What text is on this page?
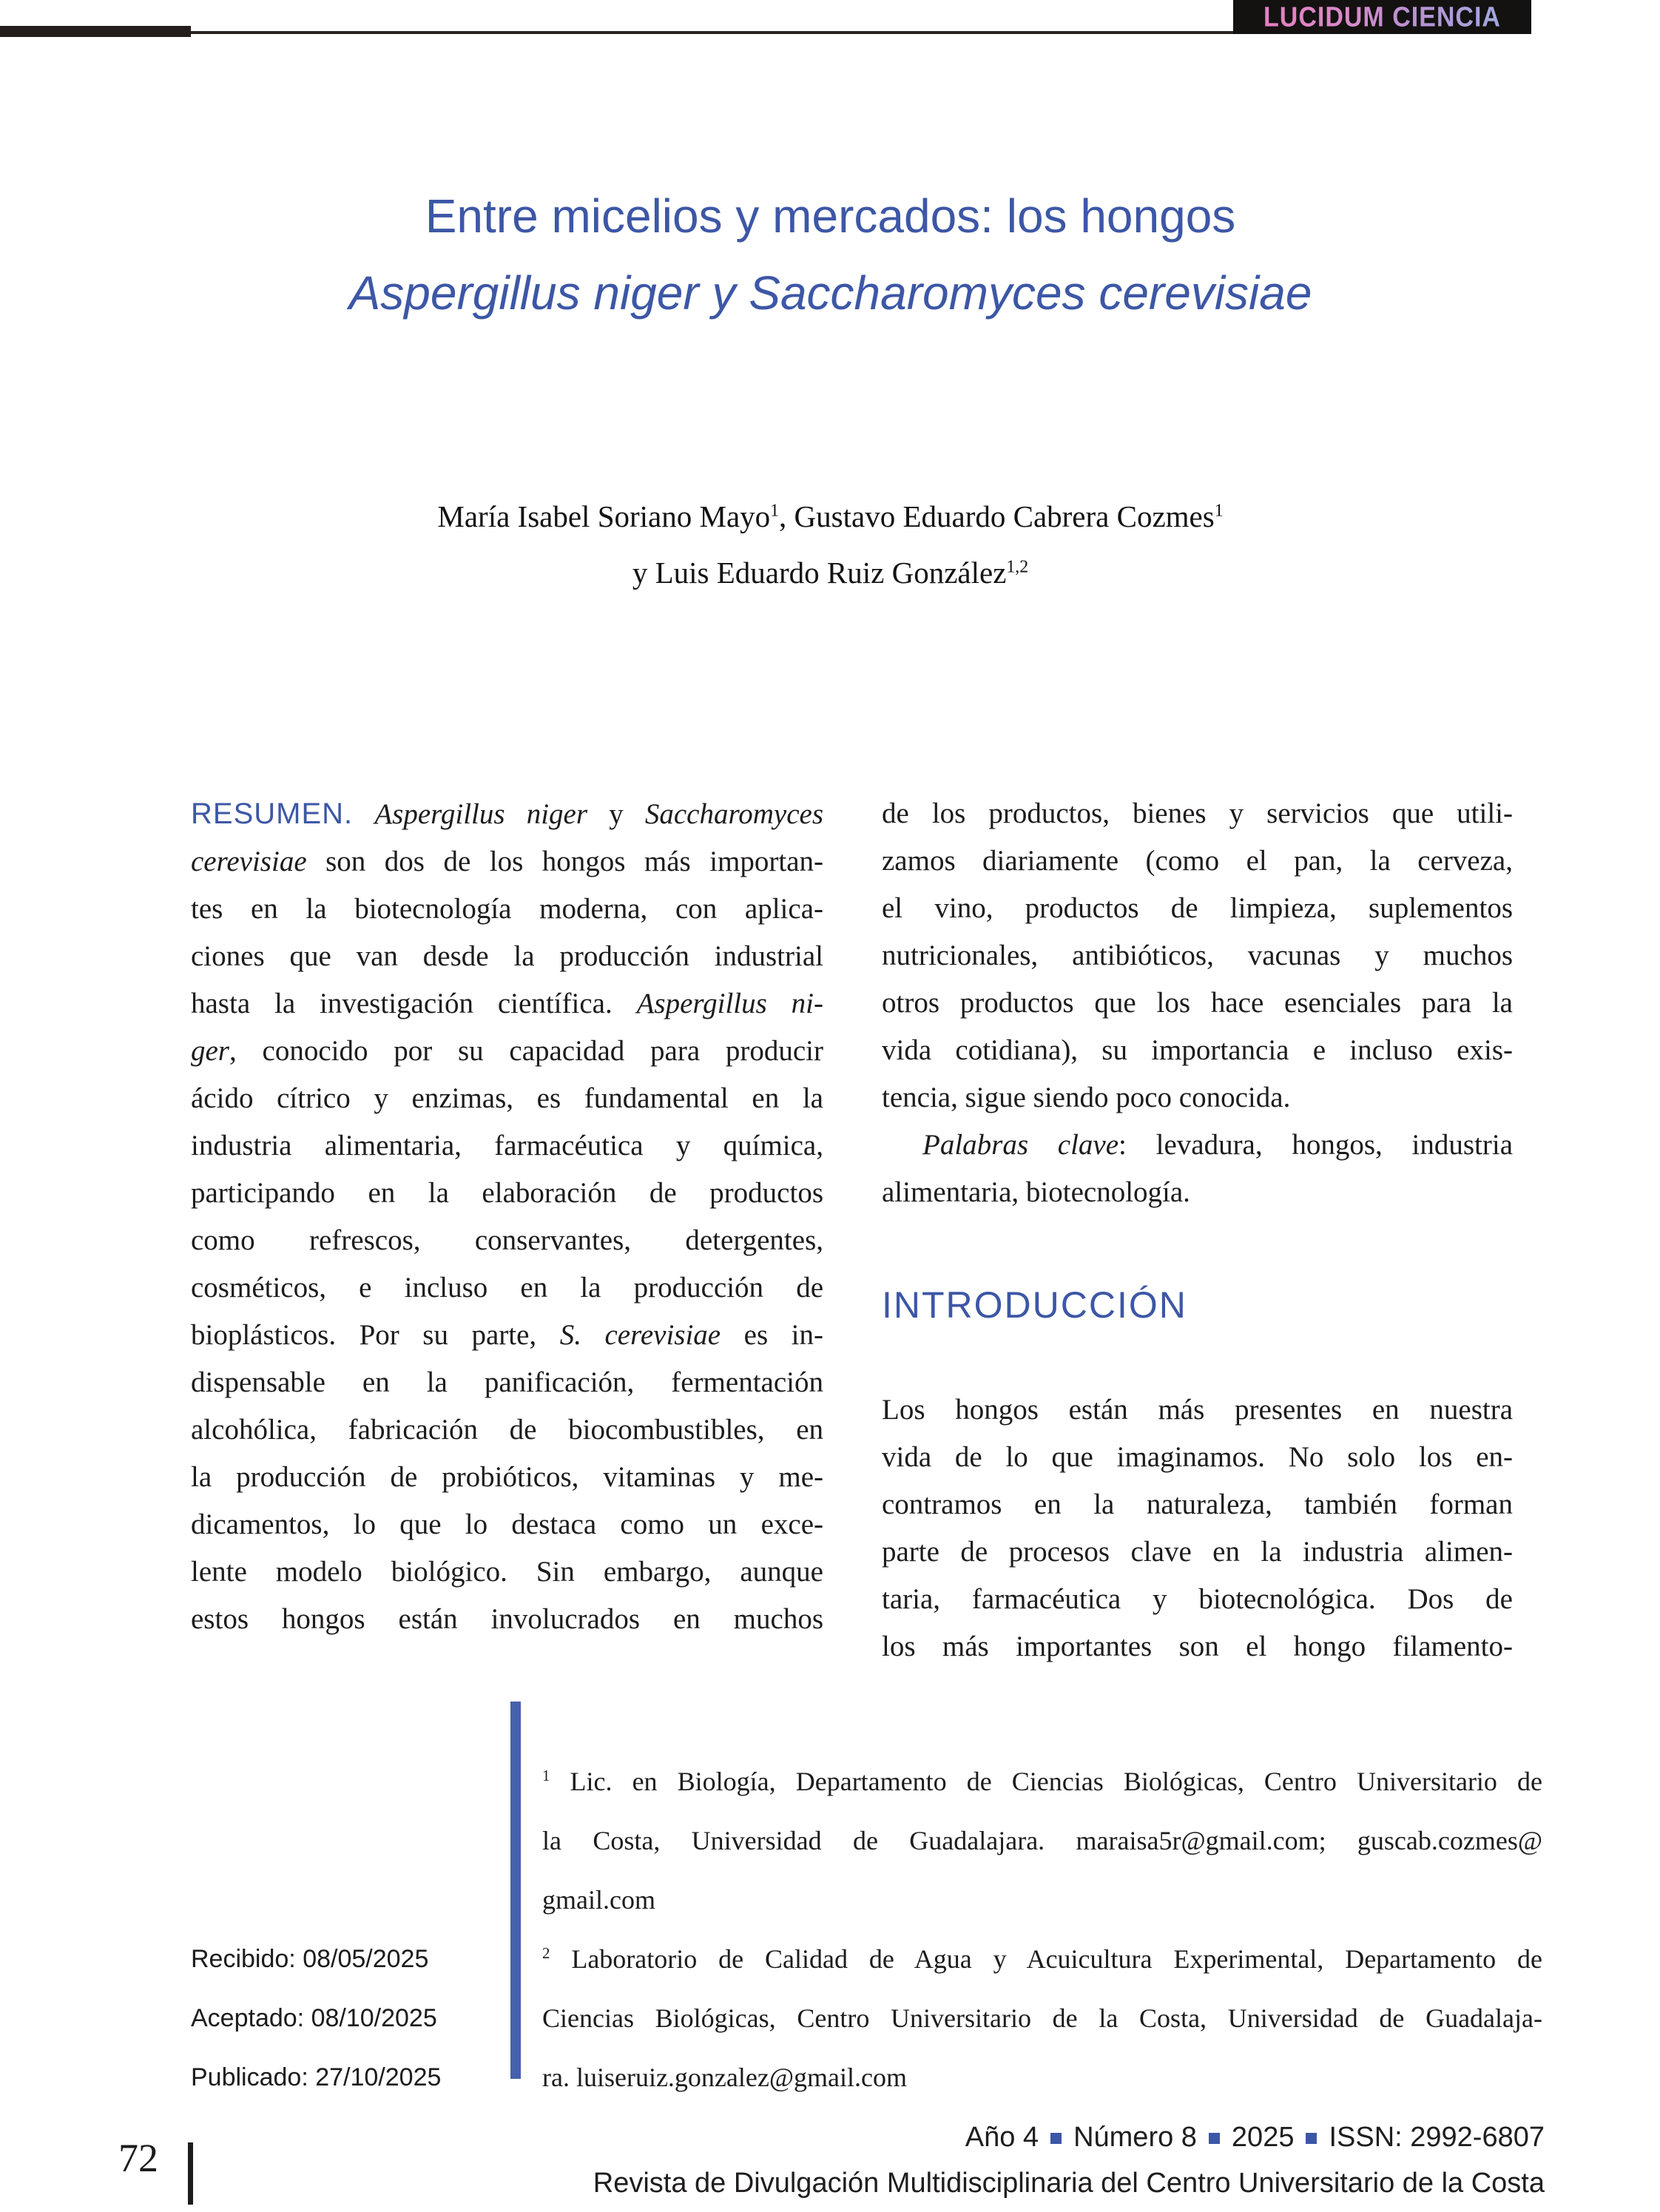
LUCIDUM CIENCIA
Entre micelios y mercados: los hongos
Aspergillus niger y Saccharomyces cerevisiae
María Isabel Soriano Mayo$^1$, Gustavo Eduardo Cabrera Cozmes$^1$
y Luis Eduardo Ruiz González$^{1,2}$
RESUMEN. Aspergillus niger y Saccharomyces
cerevisiae son dos de los hongos más importan-
tes en la biotecnología moderna, con aplica-
ciones que van desde la producción industrial
hasta la investigación científica. Aspergillus ni-
ger, conocido por su capacidad para producir
ácido cítrico y enzimas, es fundamental en la
industria alimentaria, farmacéutica y química,
participando en la elaboración de productos
como refrescos, conservantes, detergentes,
cosméticos, e incluso en la producción de
bioplásticos. Por su parte, S. cerevisiae es in-
dispensable en la panificación, fermentación
alcohólica, fabricación de biocombustibles, en
la producción de probióticos, vitaminas y me-
dicamentos, lo que lo destaca como un exce-
lente modelo biológico. Sin embargo, aunque
estos hongos están involucrados en muchos
de los productos, bienes y servicios que utili-
zamos diariamente (como el pan, la cerveza,
el vino, productos de limpieza, suplementos
nutricionales, antibióticos, vacunas y muchos
otros productos que los hace esenciales para la
vida cotidiana), su importancia e incluso exis-
tencia, sigue siendo poco conocida.
Palabras clave: levadura, hongos, industria
alimentaria, biotecnología.
INTRODUCCIÓN
Los hongos están más presentes en nuestra
vida de lo que imaginamos. No solo los en-
contramos en la naturaleza, también forman
parte de procesos clave en la industria alimen-
taria, farmacéutica y biotecnológica. Dos de
los más importantes son el hongo filamento-
$^1$ Lic. en Biología, Departamento de Ciencias Biológicas, Centro Universitario de
la Costa, Universidad de Guadalajara. maraisa5r@gmail.com; guscab.cozmes@
gmail.com
$^2$ Laboratorio de Calidad de Agua y Acuicultura Experimental, Departamento de
Ciencias Biológicas, Centro Universitario de la Costa, Universidad de Guadalaja-
ra. luiseruiz.gonzalez@gmail.com
Recibido: 08/05/2025
Aceptado: 08/10/2025
Publicado: 27/10/2025
72	Año 4 Número 8 2025 ISSN: 2992-6807
Revista de Divulgación Multidisciplinaria del Centro Universitario de la Costa
